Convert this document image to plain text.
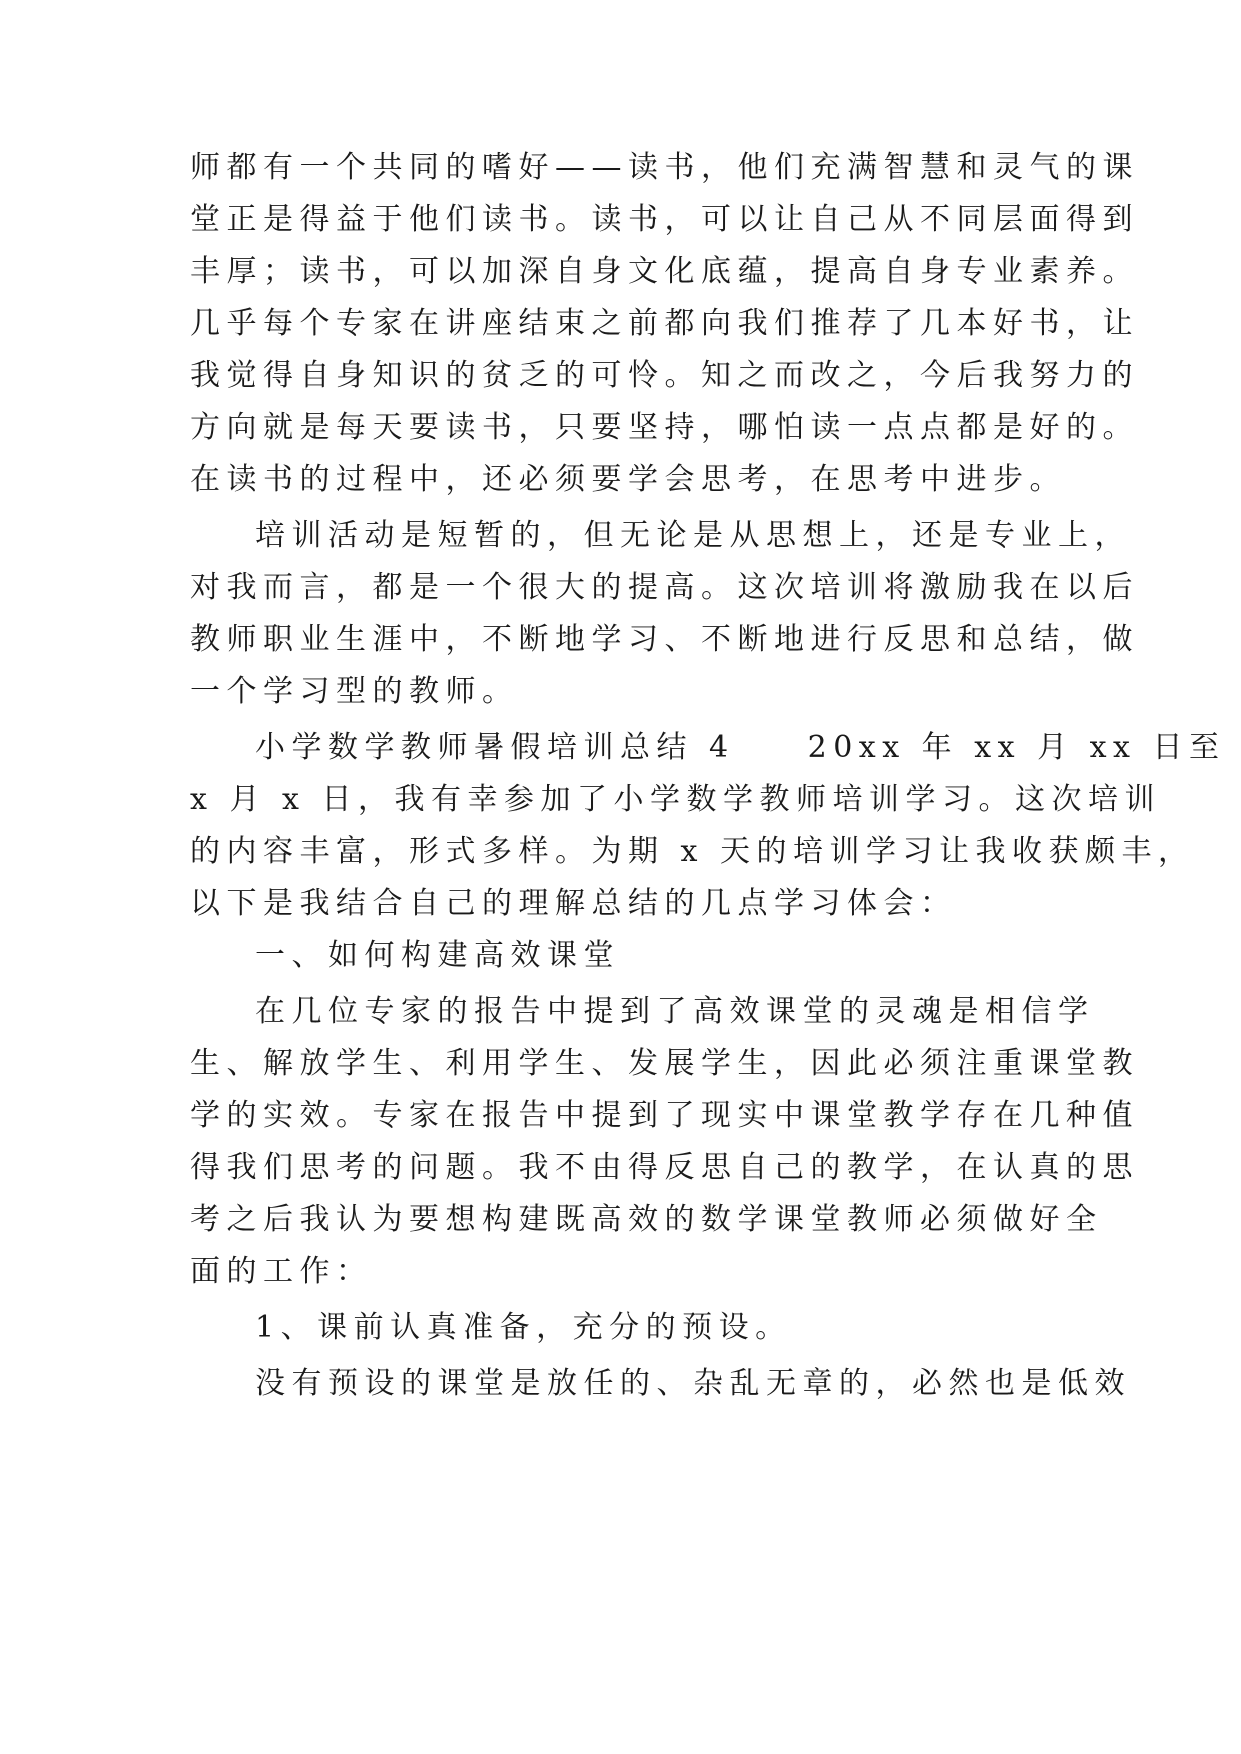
师都有一个共同的嗜好——读书，他们充满智慧和灵气的课
堂正是得益于他们读书。读书，可以让自己从不同层面得到
丰厚；读书，可以加深自身文化底蕴，提高自身专业素养。
几乎每个专家在讲座结束之前都向我们推荐了几本好书，让
我觉得自身知识的贫乏的可怜。知之而改之，今后我努力的
方向就是每天要读书，只要坚持，哪怕读一点点都是好的。
在读书的过程中，还必须要学会思考，在思考中进步。
培训活动是短暂的，但无论是从思想上，还是专业上，
对我而言，都是一个很大的提高。这次培训将激励我在以后
教师职业生涯中，不断地学习、不断地进行反思和总结，做
一个学习型的教师。
小学数学教师暑假培训总结 4　　20xx 年 xx 月 xx 日至
x 月 x 日，我有幸参加了小学数学教师培训学习。这次培训
的内容丰富，形式多样。为期 x 天的培训学习让我收获颇丰，
以下是我结合自己的理解总结的几点学习体会：
一、如何构建高效课堂
在几位专家的报告中提到了高效课堂的灵魂是相信学
生、解放学生、利用学生、发展学生，因此必须注重课堂教
学的实效。专家在报告中提到了现实中课堂教学存在几种值
得我们思考的问题。我不由得反思自己的教学，在认真的思
考之后我认为要想构建既高效的数学课堂教师必须做好全
面的工作：
1、课前认真准备，充分的预设。
没有预设的课堂是放任的、杂乱无章的，必然也是低效
